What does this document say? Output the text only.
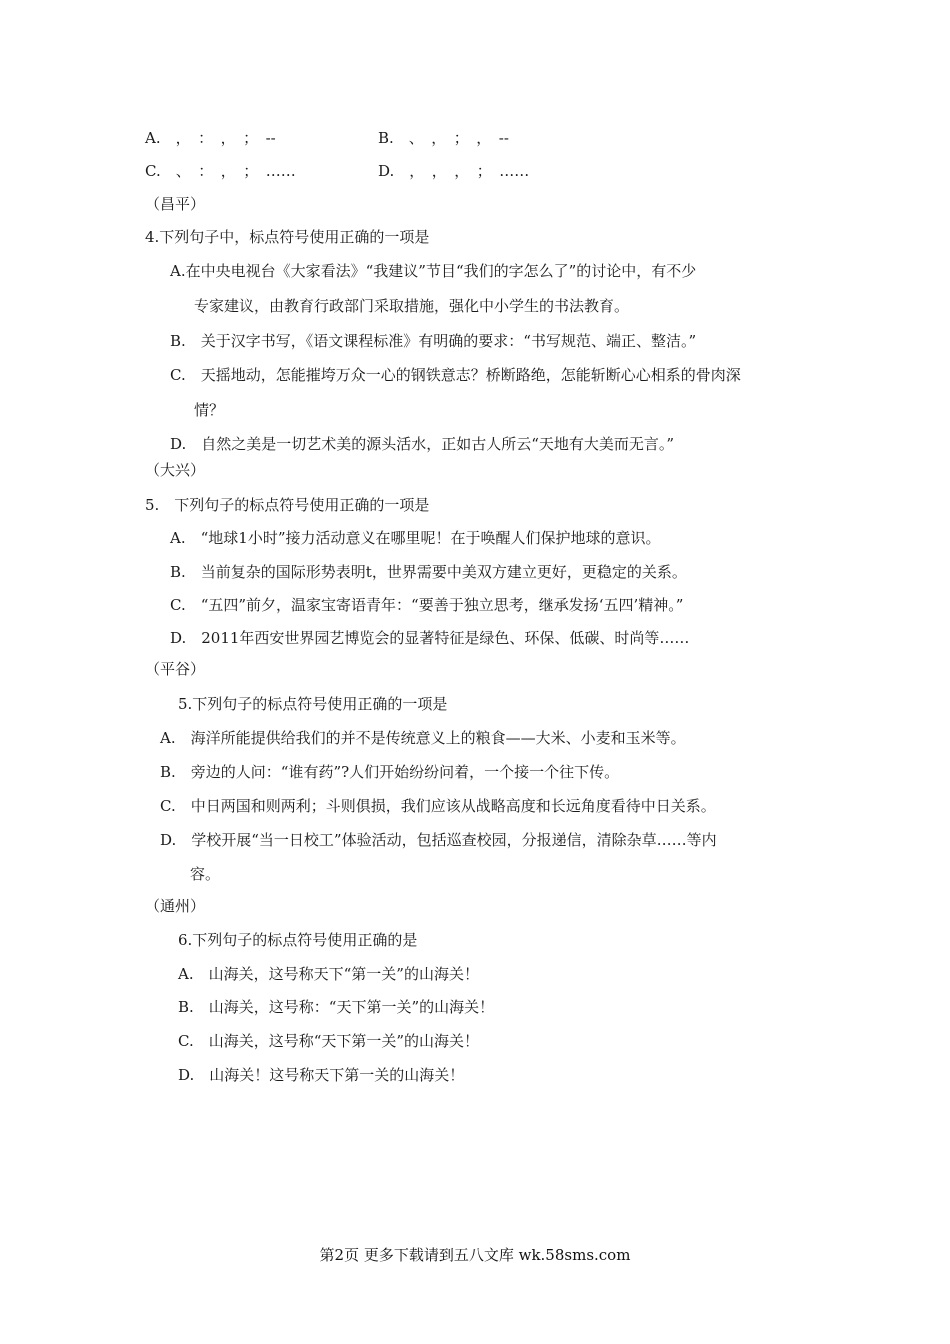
A.　，　：　，　；　--	B.　、　，　；　，　--
C.　、　：　，　；　……	D.　，　，　，　；　……
（昌平）
4.下列句子中，标点符号使用正确的一项是
A.在中央电视台《大家看法》“我建议”节目“我们的字怎么了”的讨论中，有不少
专家建议，由教育行政部门采取措施，强化中小学生的书法教育。
B.　关于汉字书写，《语文课程标准》有明确的要求：“书写规范、端正、整洁。”
C.　天摇地动，怎能摧垮万众一心的钢铁意志？桥断路绝，怎能斩断心心相系的骨肉深
情？
D.　自然之美是一切艺术美的源头活水，正如古人所云“天地有大美而无言。”
（大兴）
5.　下列句子的标点符号使用正确的一项是
A.　“地球1小时”接力活动意义在哪里呢！在于唤醒人们保护地球的意识。
B.　当前复杂的国际形势表明t，世界需要中美双方建立更好，更稳定的关系。
C.　“五四”前夕，温家宝寄语青年：“要善于独立思考，继承发扬‘五四’精神。”
D.　2011年西安世界园艺博览会的显著特征是绿色、环保、低碳、时尚等……
（平谷）
5.下列句子的标点符号使用正确的一项是
A.　海洋所能提供给我们的并不是传统意义上的粮食——大米、小麦和玉米等。
B.　旁边的人问：“谁有药”?人们开始纷纷问着，一个接一个往下传。
C.　中日两国和则两利；斗则俱损，我们应该从战略高度和长远角度看待中日关系。
D.　学校开展“当一日校工”体验活动，包括巡查校园，分报递信，清除杂草……等内
容。
（通州）
6.下列句子的标点符号使用正确的是
A.　山海关，这号称天下“第一关”的山海关！
B.　山海关，这号称：“天下第一关”的山海关！
C.　山海关，这号称“天下第一关”的山海关！
D.　山海关！这号称天下第一关的山海关！
第2页 更多下载请到五八文库 wk.58sms.com
